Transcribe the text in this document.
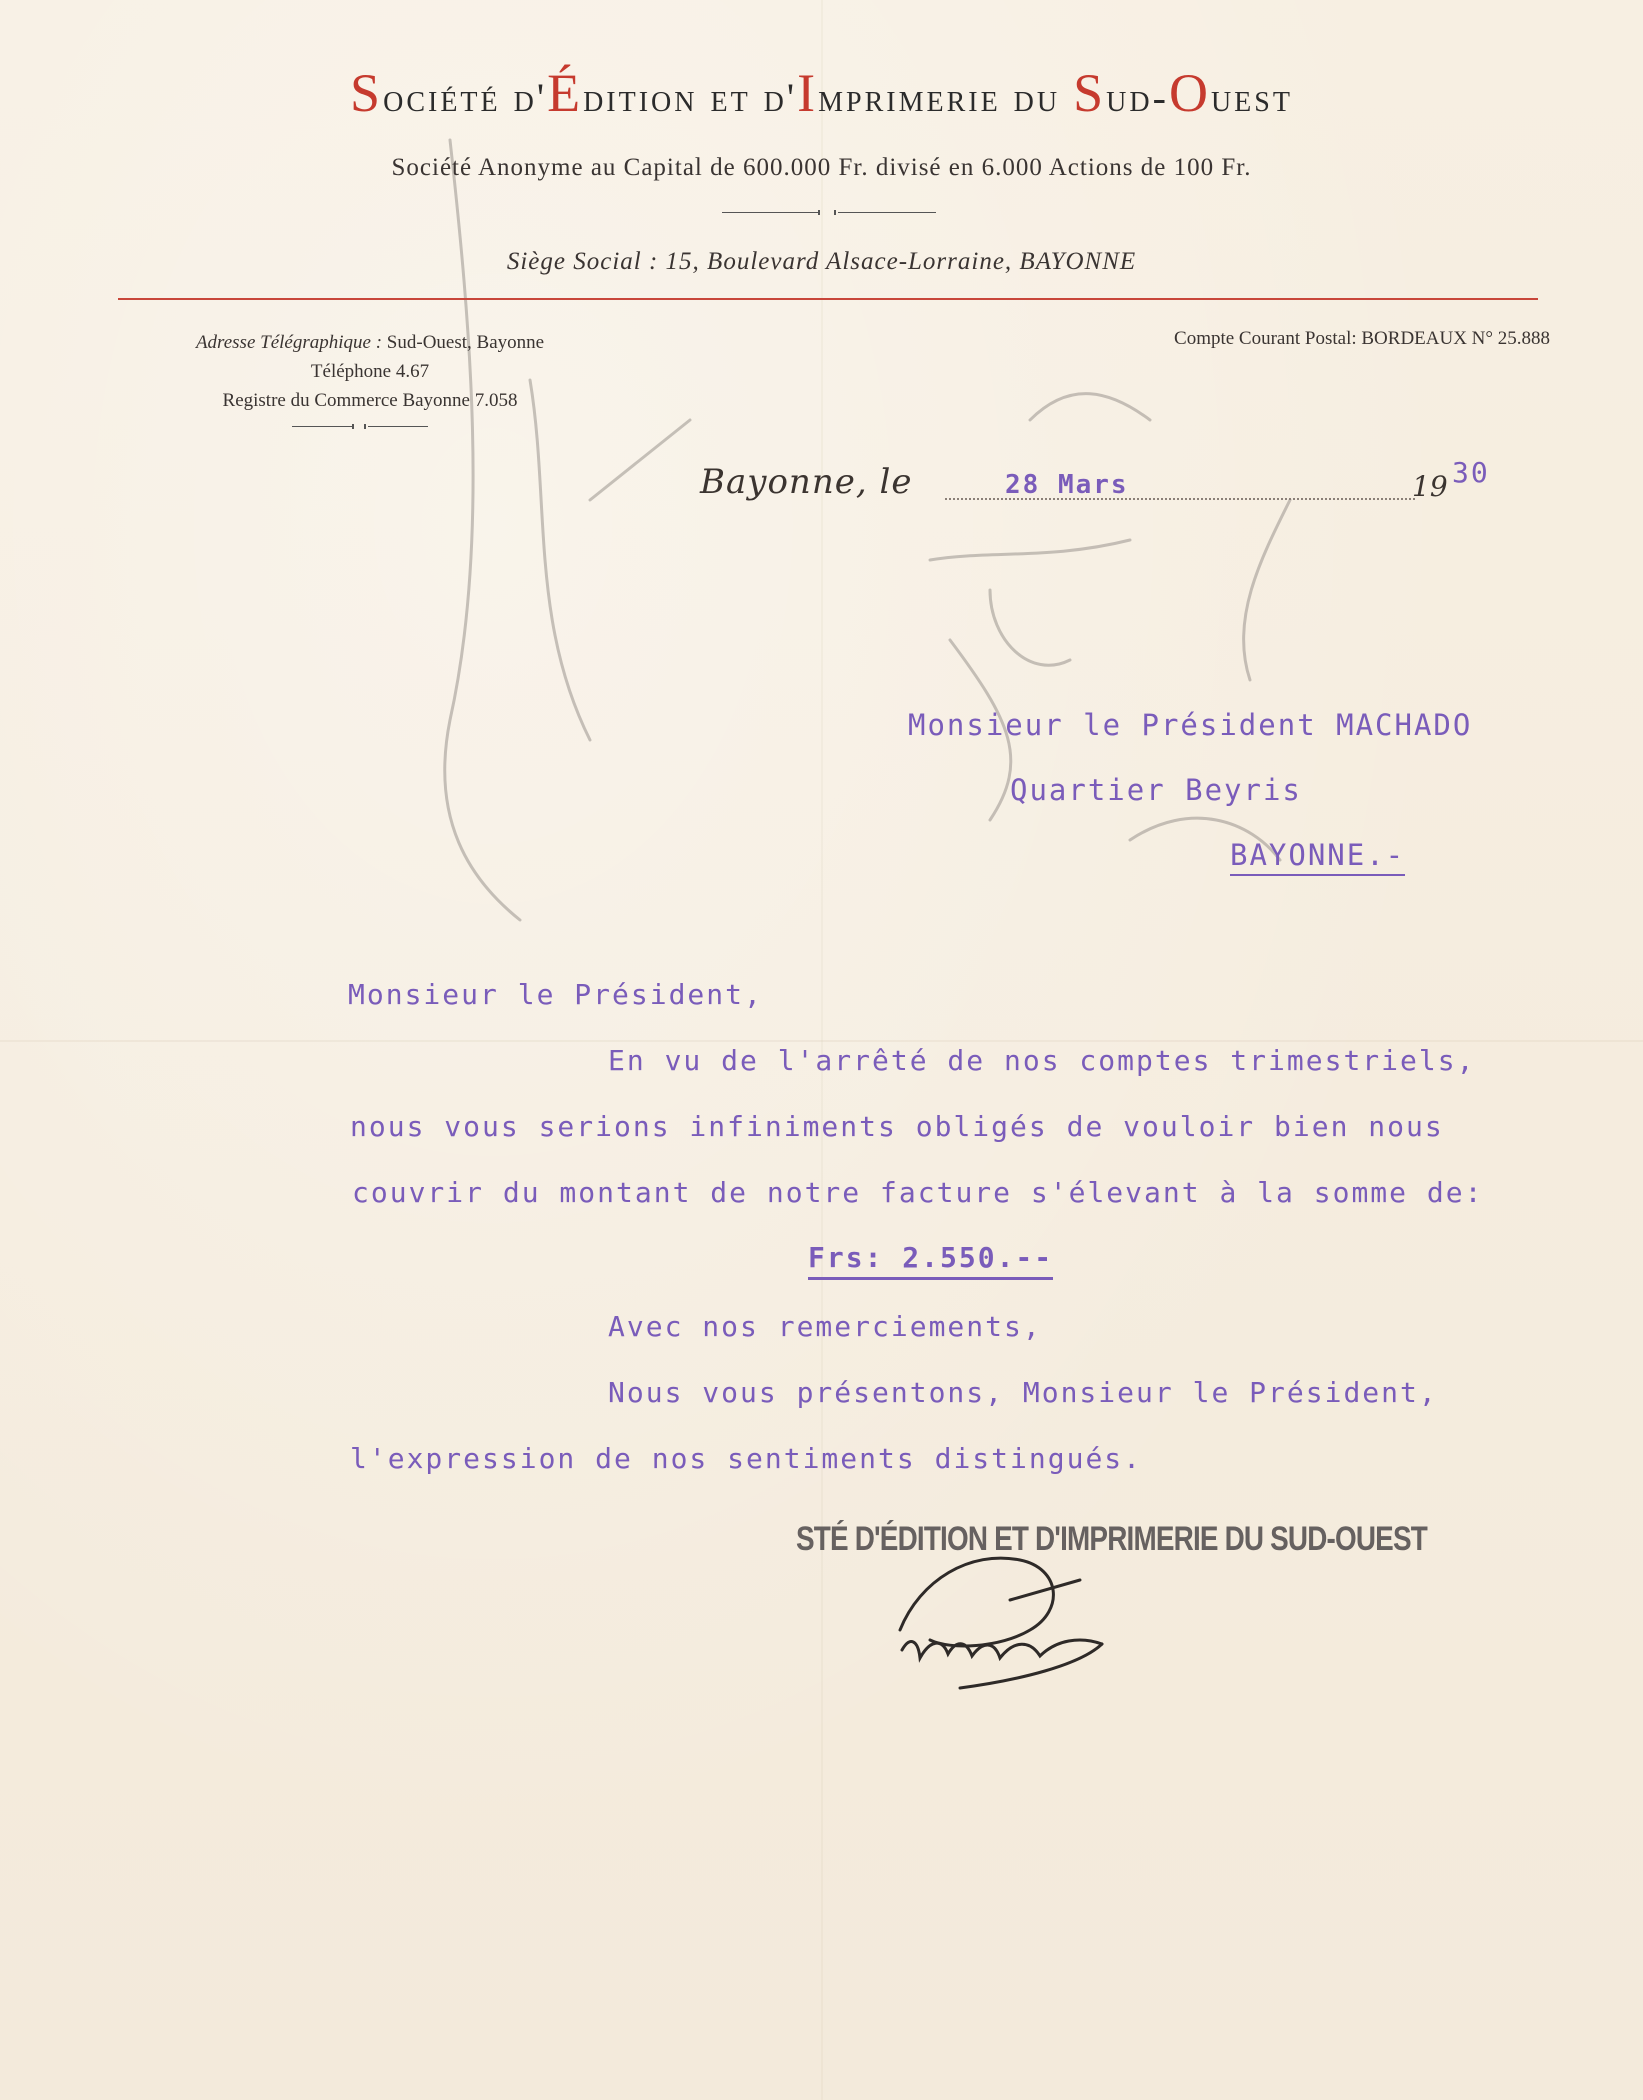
Société d'Édition et d'Imprimerie du Sud-Ouest
Société Anonyme au Capital de 600.000 Fr. divisé en 6.000 Actions de 100 Fr.
Siège Social : 15, Boulevard Alsace-Lorraine, BAYONNE
Adresse Télégraphique : Sud-Ouest, Bayonne
Téléphone 4.67
Registre du Commerce Bayonne 7.058
Compte Courant Postal: BORDEAUX N° 25.888
Bayonne, le	28 Mars	19 30
Monsieur le Président MACHADO
Quartier Beyris
BAYONNE.-
Monsieur le Président,
En vu de l'arrêté de nos comptes trimestriels,
nous vous serions infiniments obligés de vouloir bien nous
couvrir du montant de notre facture s'élevant à la somme de:
Frs: 2.550.--
Avec nos remerciements,
Nous vous présentons, Monsieur le Président,
l'expression de nos sentiments distingués.
STÉ D'ÉDITION ET D'IMPRIMERIE DU SUD-OUEST
